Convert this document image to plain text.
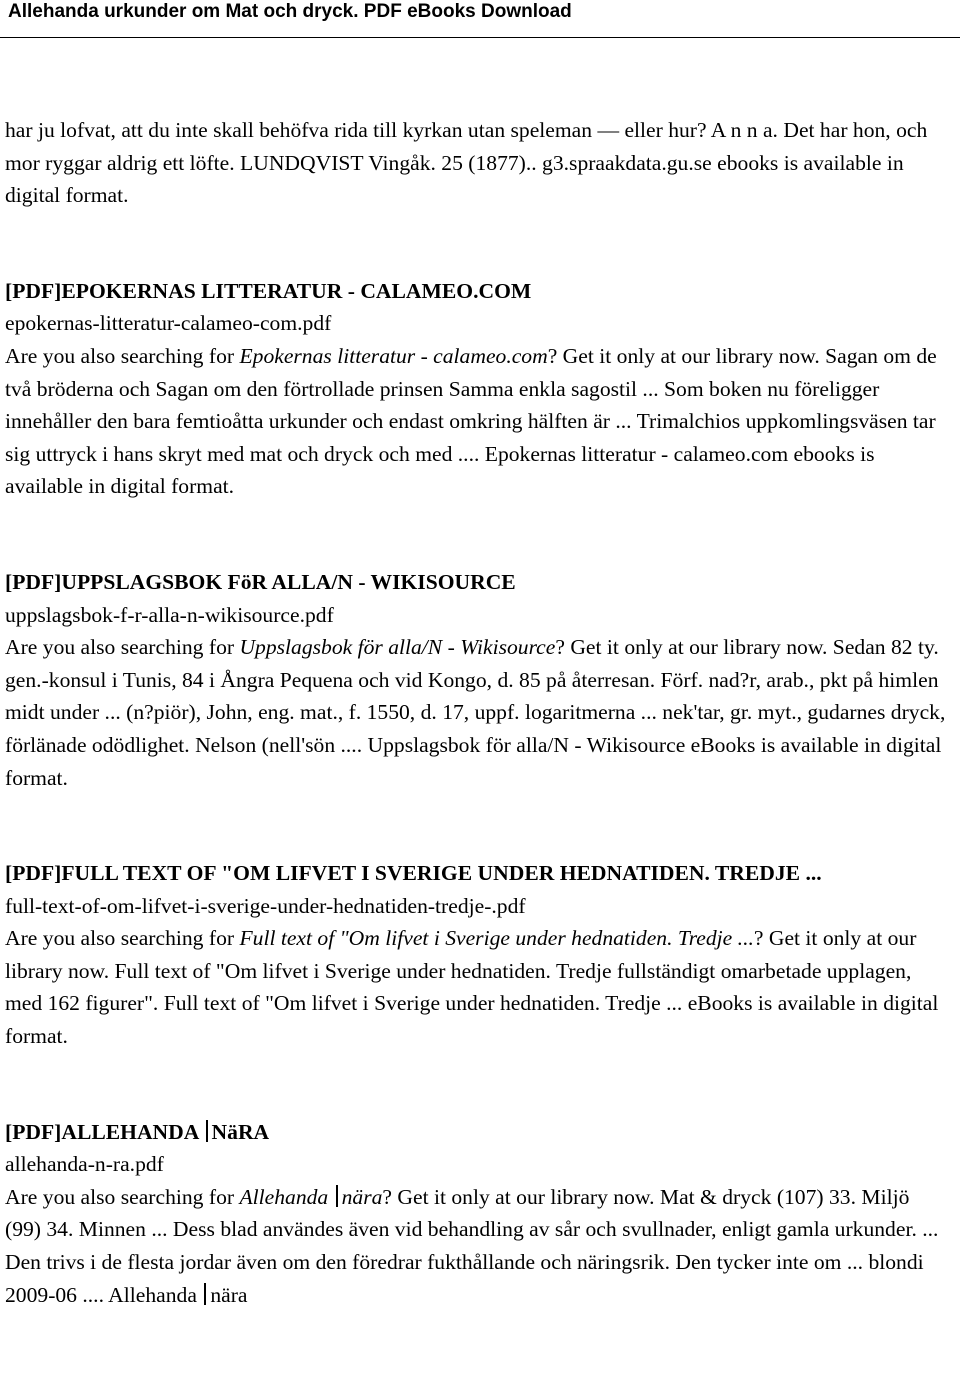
Allehanda urkunder om Mat och dryck. PDF eBooks Download

har ju lofvat, att du inte skall behöfva rida till kyrkan utan speleman — eller hur? A n n a. Det har hon, och mor ryggar aldrig ett löfte. LUNDQVIST Vingåk. 25 (1877).. g3.spraakdata.gu.se ebooks is available in digital format.

[PDF]EPOKERNAS LITTERATUR - CALAMEO.COM

epokernas-litteratur-calameo-com.pdf

Are you also searching for Epokernas litteratur - calameo.com? Get it only at our library now. Sagan om de två bröderna och Sagan om den förtrollade prinsen Samma enkla sagostil ... Som boken nu föreligger innehåller den bara femtioåtta urkunder och endast omkring hälften är ... Trimalchios uppkomlingsväsen tar sig uttryck i hans skryt med mat och dryck och med .... Epokernas litteratur - calameo.com ebooks is available in digital format.

[PDF]UPPSLAGSBOK FöR ALLA/N - WIKISOURCE

uppslagsbok-f-r-alla-n-wikisource.pdf

Are you also searching for Uppslagsbok för alla/N - Wikisource? Get it only at our library now. Sedan 82 ty. gen.-konsul i Tunis, 84 i Ångra Pequena och vid Kongo, d. 85 på återresan. Förf. nad?r, arab., pkt på himlen midt under ... (n?piör), John, eng. mat., f. 1550, d. 17, uppf. logaritmerna ... nek'tar, gr. myt., gudarnes dryck, förlänade odödlighet. Nelson (nell'sön .... Uppslagsbok för alla/N - Wikisource eBooks is available in digital format.

[PDF]FULL TEXT OF "OM LIFVET I SVERIGE UNDER HEDNATIDEN. TREDJE ...

full-text-of-om-lifvet-i-sverige-under-hednatiden-tredje-.pdf

Are you also searching for Full text of "Om lifvet i Sverige under hednatiden. Tredje ...? Get it only at our library now. Full text of "Om lifvet i Sverige under hednatiden. Tredje fullständigt omarbetade upplagen, med 162 figurer". Full text of "Om lifvet i Sverige under hednatiden. Tredje ... eBooks is available in digital format.

[PDF]ALLEHANDA NäRA

allehanda-n-ra.pdf

Are you also searching for Allehanda nära? Get it only at our library now. Mat & dryck (107) 33. Miljö (99) 34. Minnen ... Dess blad användes även vid behandling av sår och svullnader, enligt gamla urkunder. ... Den trivs i de flesta jordar även om den föredrar fukthållande och näringsrik. Den tycker inte om ... blondi 2009-06 .... Allehanda nära
